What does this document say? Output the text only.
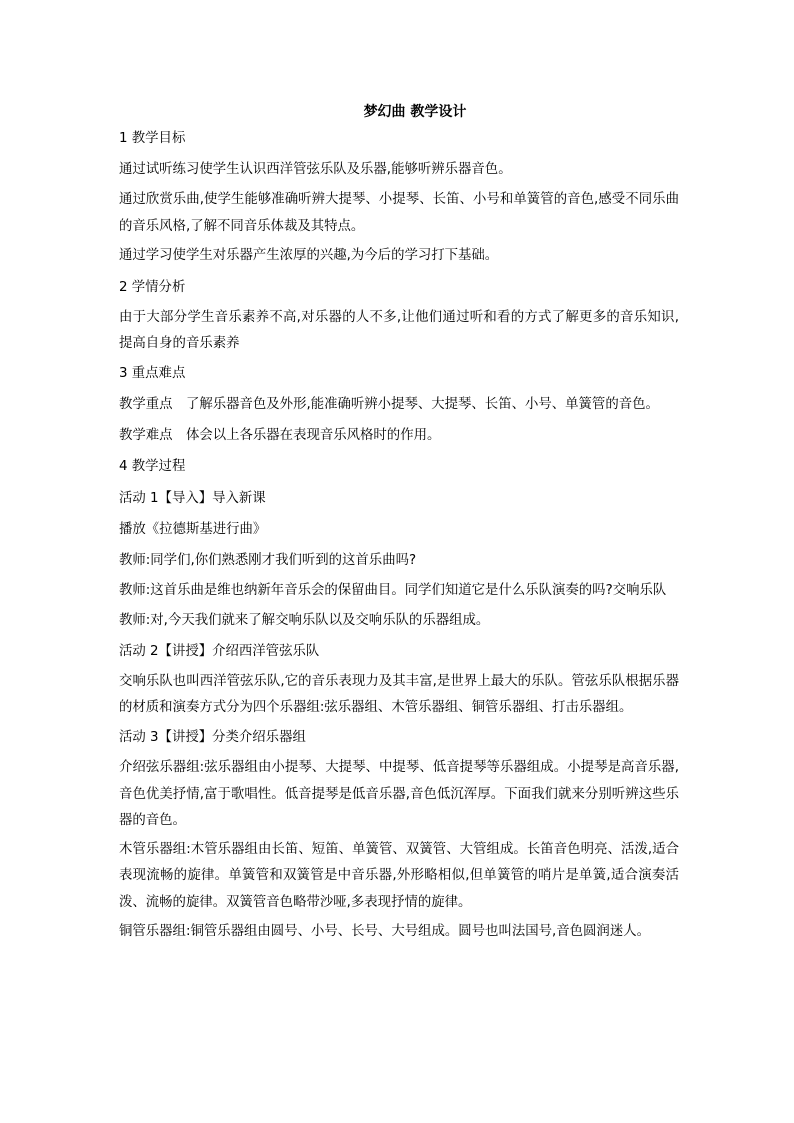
梦幻曲 教学设计
1 教学目标
通过试听练习使学生认识西洋管弦乐队及乐器,能够听辨乐器音色。
通过欣赏乐曲,使学生能够准确听辨大提琴、小提琴、长笛、小号和单簧管的音色,感受不同乐曲的音乐风格,了解不同音乐体裁及其特点。
通过学习使学生对乐器产生浓厚的兴趣,为今后的学习打下基础。
2 学情分析
由于大部分学生音乐素养不高,对乐器的人不多,让他们通过听和看的方式了解更多的音乐知识,提高自身的音乐素养
3 重点难点
教学重点　了解乐器音色及外形,能准确听辨小提琴、大提琴、长笛、小号、单簧管的音色。
教学难点　体会以上各乐器在表现音乐风格时的作用。
4 教学过程
活动 1【导入】导入新课
播放《拉德斯基进行曲》
教师:同学们,你们熟悉刚才我们听到的这首乐曲吗?
教师:这首乐曲是维也纳新年音乐会的保留曲目。同学们知道它是什么乐队演奏的吗?交响乐队
教师:对,今天我们就来了解交响乐队以及交响乐队的乐器组成。
活动 2【讲授】介绍西洋管弦乐队
交响乐队也叫西洋管弦乐队,它的音乐表现力及其丰富,是世界上最大的乐队。管弦乐队根据乐器的材质和演奏方式分为四个乐器组:弦乐器组、木管乐器组、铜管乐器组、打击乐器组。
活动 3【讲授】分类介绍乐器组
介绍弦乐器组:弦乐器组由小提琴、大提琴、中提琴、低音提琴等乐器组成。小提琴是高音乐器,音色优美抒情,富于歌唱性。低音提琴是低音乐器,音色低沉浑厚。下面我们就来分别听辨这些乐器的音色。
木管乐器组:木管乐器组由长笛、短笛、单簧管、双簧管、大管组成。长笛音色明亮、活泼,适合表现流畅的旋律。单簧管和双簧管是中音乐器,外形略相似,但单簧管的哨片是单簧,适合演奏活泼、流畅的旋律。双簧管音色略带沙哑,多表现抒情的旋律。
铜管乐器组:铜管乐器组由圆号、小号、长号、大号组成。圆号也叫法国号,音色圆润迷人。
